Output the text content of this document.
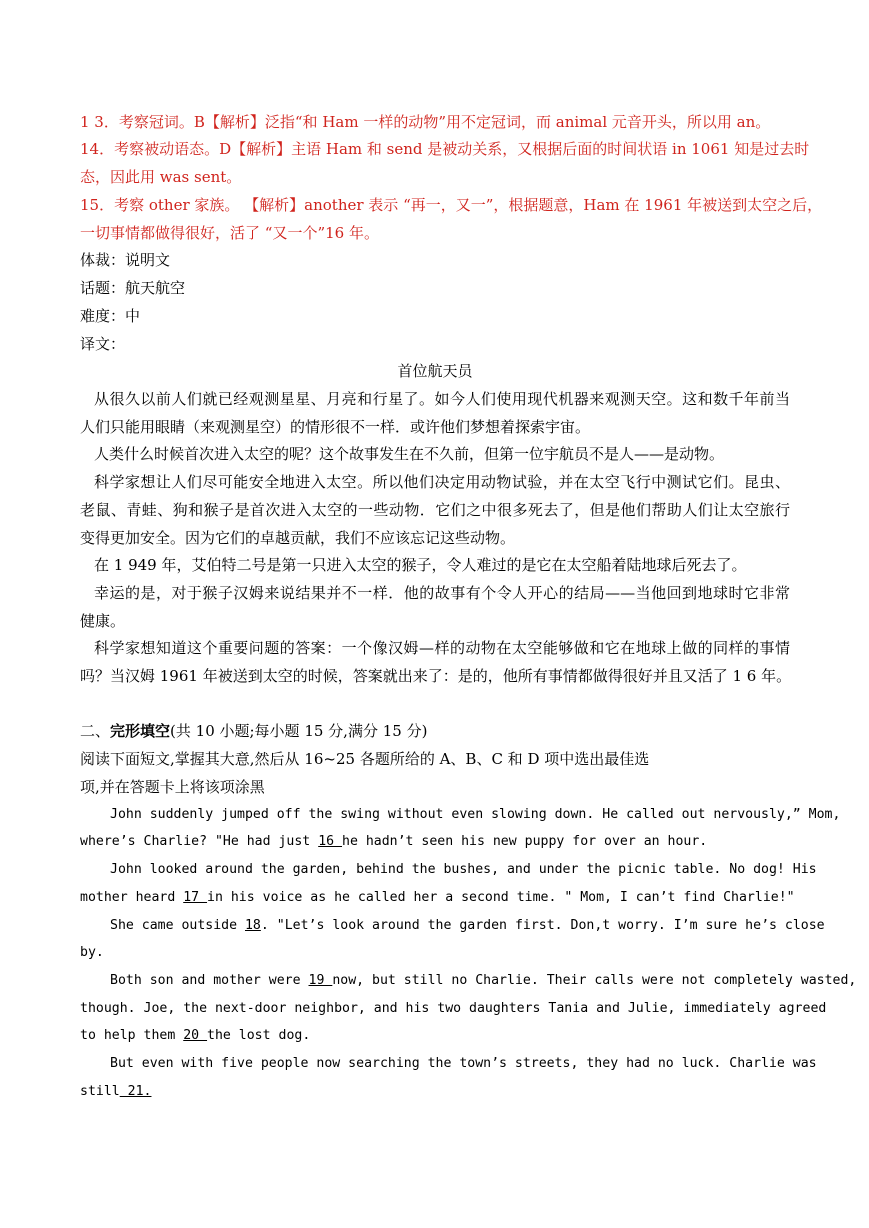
1 3．考察冠词。B【解析】泛指“和 Ham 一样的动物”用不定冠词，而 animal 元音开头，所以用 an。
14．考察被动语态。D【解析】主语 Ham 和 send 是被动关系，又根据后面的时间状语 in 1061 知是过去时
态，因此用 was sent。
15．考察 other 家族。 【解析】another 表示 “再一，又一”，根据题意，Ham 在 1961 年被送到太空之后，
一切事情都做得很好，活了 “又一个”16 年。
体裁：说明文
话题：航天航空
难度：中
译文：
首位航天员
从很久以前人们就已经观测星星、月亮和行星了。如今人们使用现代机器来观测天空。这和数千年前当
人们只能用眼睛（来观测星空）的情形很不一样．或许他们梦想着探索宇宙。
人类什么时候首次进入太空的呢？这个故事发生在不久前，但第一位宇航员不是人——是动物。
科学家想让人们尽可能安全地进入太空。所以他们决定用动物试验，并在太空飞行中测试它们。昆虫、
老鼠、青蛙、狗和猴子是首次进入太空的一些动物．它们之中很多死去了，但是他们帮助人们让太空旅行
变得更加安全。因为它们的卓越贡献，我们不应该忘记这些动物。
在 1 949 年，艾伯特二号是第一只进入太空的猴子，令人难过的是它在太空船着陆地球后死去了。
幸运的是，对于猴子汉姆来说结果并不一样．他的故事有个令人开心的结局——当他回到地球时它非常
健康。
科学家想知道这个重要问题的答案：一个像汉姆—样的动物在太空能够做和它在地球上做的同样的事情
吗？当汉姆 1961 年被送到太空的时候，答案就出来了：是的，他所有事情都做得很好并且又活了 1 6 年。
二、完形填空(共 10 小题;每小题 15 分,满分 15 分)
阅读下面短文,掌握其大意,然后从 16~25 各题所给的 A、B、C 和 D 项中选出最佳选
项,并在答题卡上将该项涂黑
John suddenly jumped off the swing without even slowing down. He called out nervously,” Mom,
where’s Charlie? "He had just 16 he hadn’t seen his new puppy for over an hour.
John looked around the garden, behind the bushes, and under the picnic table. No dog! His
mother heard 17 in his voice as he called her a second time. " Mom, I can’t find Charlie!"
She came outside 18. "Let’s look around the garden first. Don,t worry. I’m sure he’s close
by.
Both son and mother were 19 now, but still no Charlie. Their calls were not completely wasted,
though. Joe, the next-door neighbor, and his two daughters Tania and Julie, immediately agreed
to help them 20 the lost dog.
But even with five people now searching the town’s streets, they had no luck. Charlie was
still 21.
